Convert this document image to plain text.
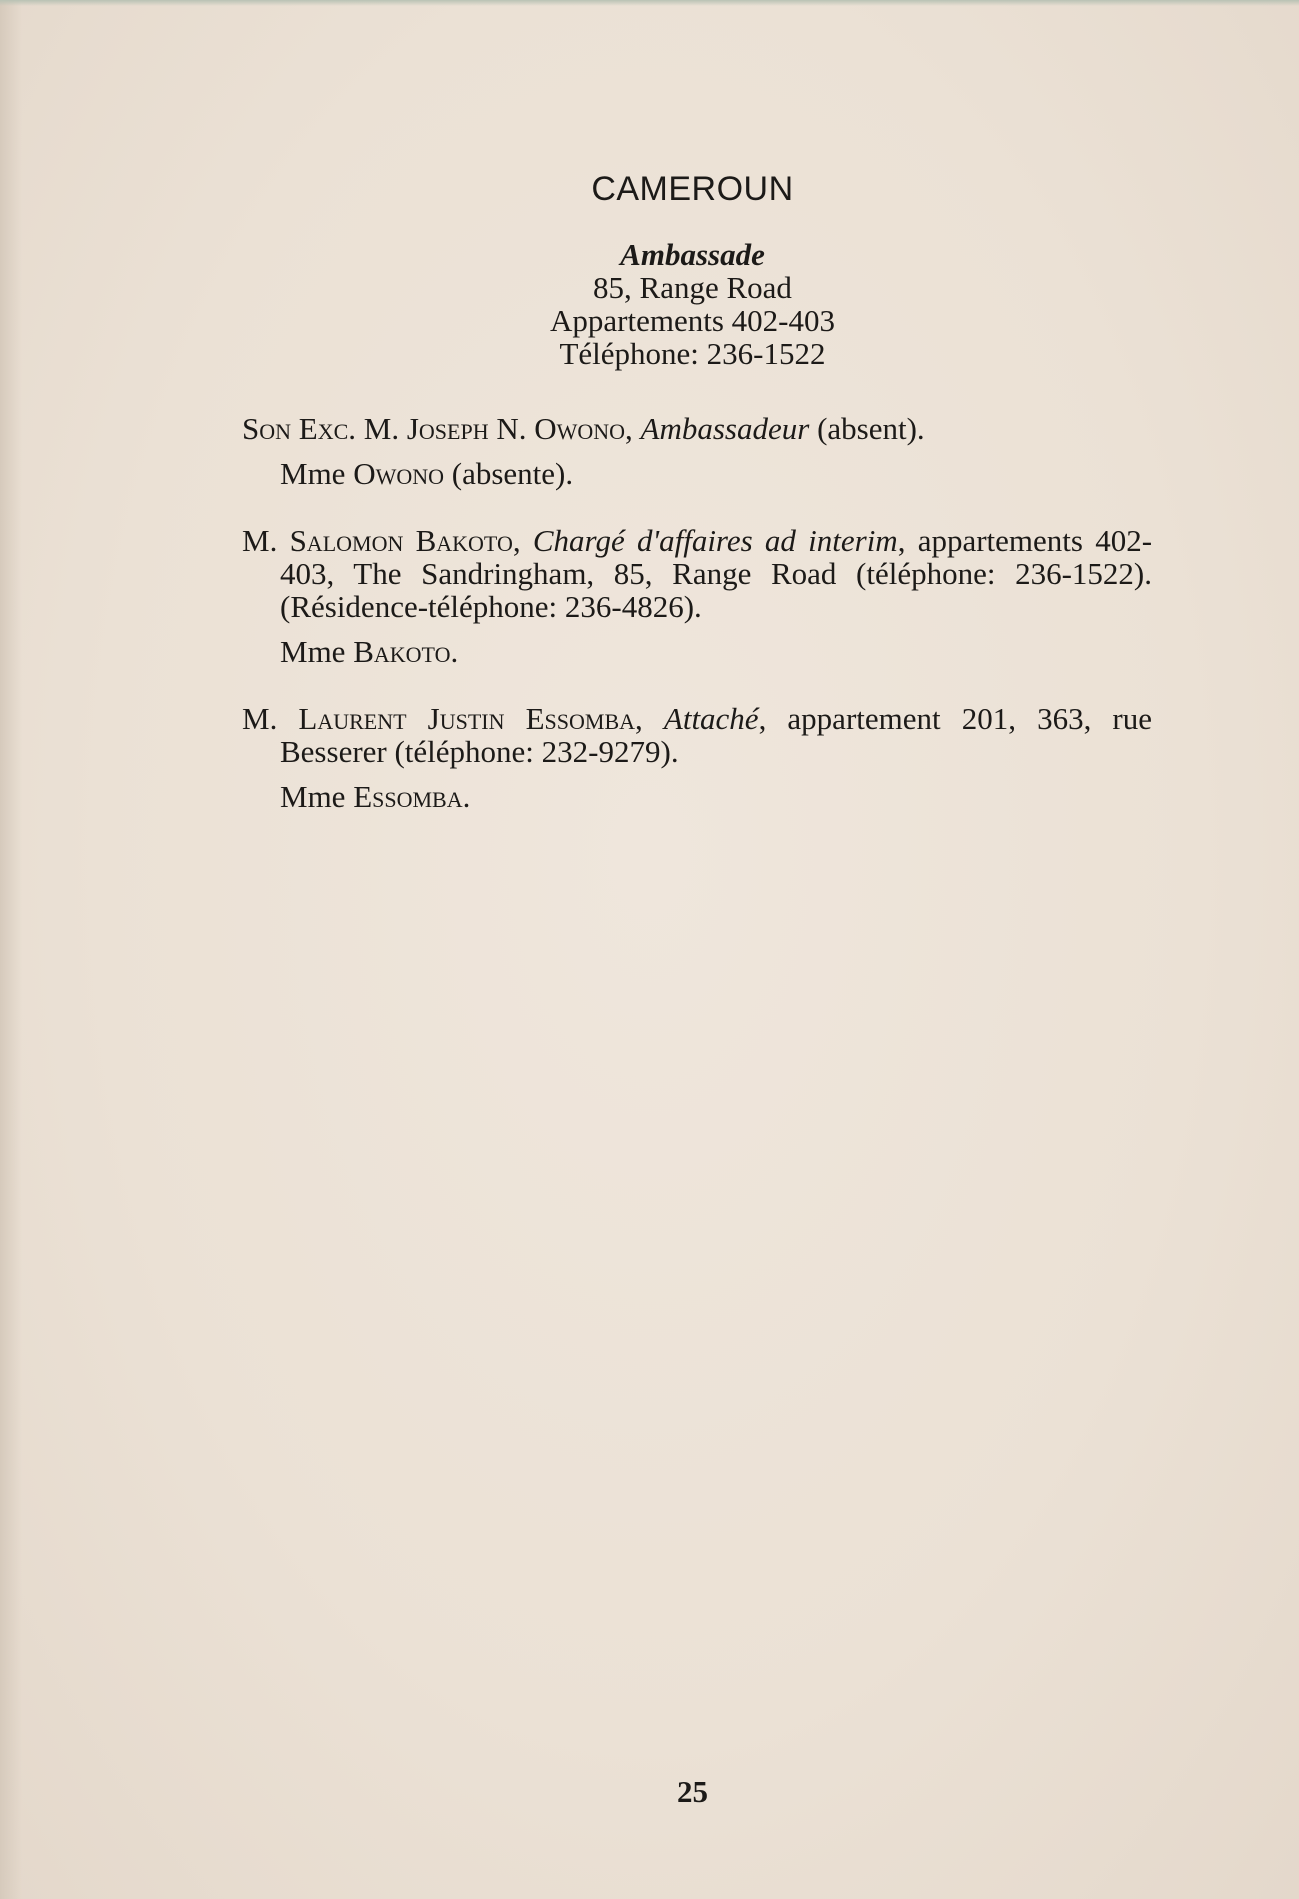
CAMEROUN
Ambassade
85, Range Road
Appartements 402-403
Téléphone: 236-1522
Son Exc. M. Joseph N. Owono, Ambassadeur (absent).
Mme Owono (absente).
M. Salomon Bakoto, Chargé d'affaires ad interim, appartements 402-403, The Sandringham, 85, Range Road (téléphone: 236-1522). (Résidence-téléphone: 236-4826).
Mme Bakoto.
M. Laurent Justin Essomba, Attaché, appartement 201, 363, rue Besserer (téléphone: 232-9279).
Mme Essomba.
25
